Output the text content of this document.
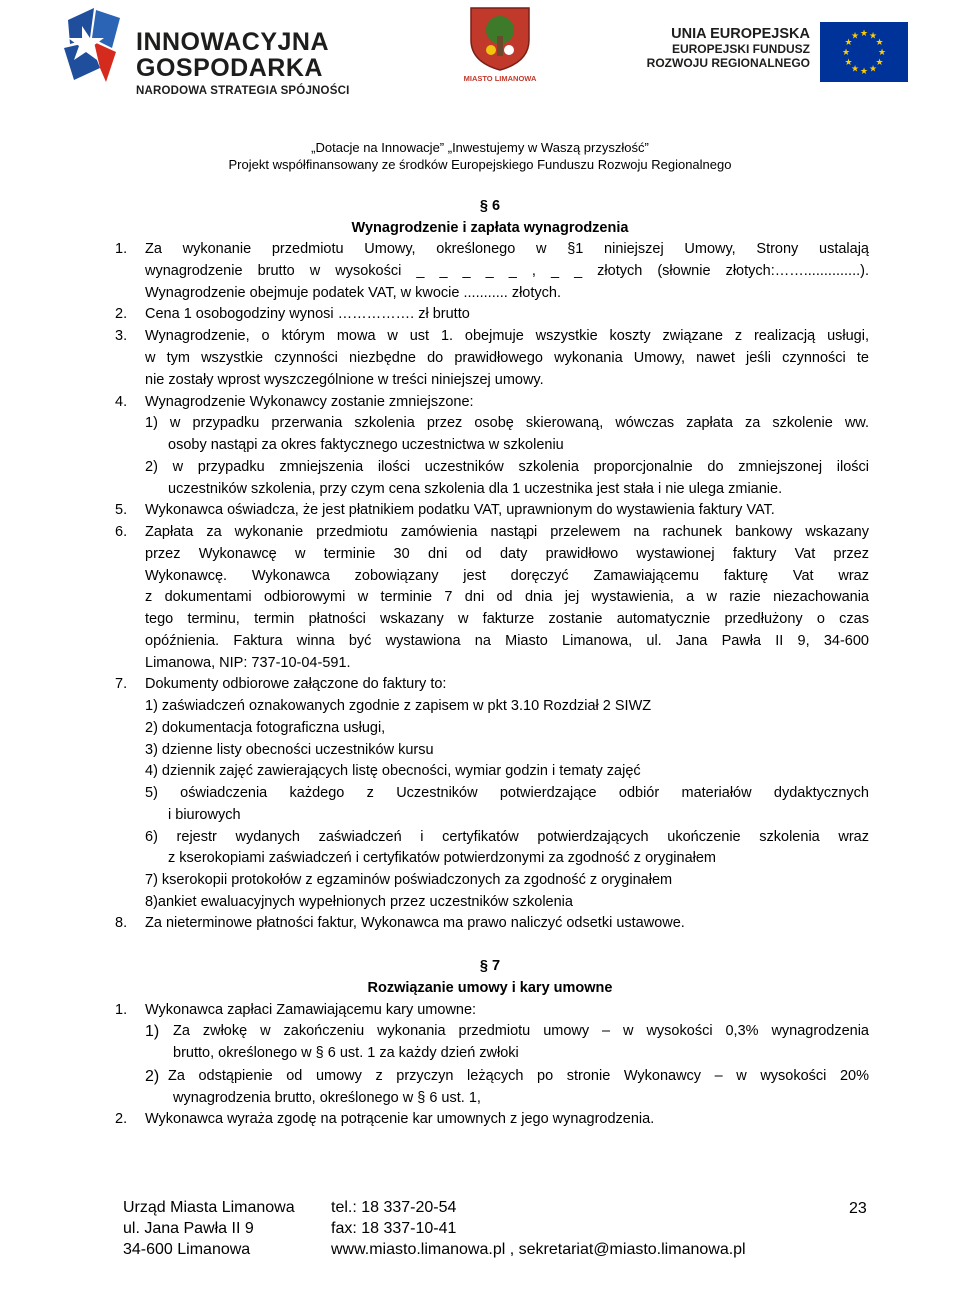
INNOWACYJNA
GOSPODARKA
NARODOWA STRATEGIA SPÓJNOŚCI
MIASTO LIMANOWA
UNIA EUROPEJSKA
EUROPEJSKI FUNDUSZ
ROZWOJU REGIONALNEGO
★ ★
★
★
★
★
★
★
★
★
★
★
„Dotacje na Innowacje” „Inwestujemy w Waszą przyszłość”
Projekt współfinansowany ze środków Europejskiego Funduszu Rozwoju Regionalnego
§ 6
Wynagrodzenie i zapłata wynagrodzenia
1. Za wykonanie przedmiotu Umowy, określonego w §1 niniejszej Umowy, Strony ustalają
wynagrodzenie brutto w wysokości _ _ _ _ _ , _ _ złotych (słownie złotych:……..............).
Wynagrodzenie obejmuje podatek VAT, w kwocie ........... złotych.
2. Cena 1 osobogodziny wynosi ……………. zł brutto
3. Wynagrodzenie, o którym mowa w ust 1. obejmuje wszystkie koszty związane z realizacją usługi,
w tym wszystkie czynności niezbędne do prawidłowego wykonania Umowy, nawet jeśli czynności te
nie zostały wprost wyszczególnione w treści niniejszej umowy.
4. Wynagrodzenie Wykonawcy zostanie zmniejszone:
1) w przypadku przerwania szkolenia przez osobę skierowaną, wówczas zapłata za szkolenie ww.
osoby nastąpi za okres faktycznego uczestnictwa w szkoleniu
2) w przypadku zmniejszenia ilości uczestników szkolenia proporcjonalnie do zmniejszonej ilości
uczestników szkolenia, przy czym cena szkolenia dla 1 uczestnika jest stała i nie ulega zmianie.
5. Wykonawca oświadcza, że jest płatnikiem podatku VAT, uprawnionym do wystawienia faktury VAT.
6. Zapłata za wykonanie przedmiotu zamówienia nastąpi przelewem na rachunek bankowy wskazany
przez Wykonawcę w terminie 30 dni od daty prawidłowo wystawionej faktury Vat przez
Wykonawcę. Wykonawca zobowiązany jest doręczyć Zamawiającemu fakturę Vat wraz
z dokumentami odbiorowymi w terminie 7 dni od dnia jej wystawienia, a w razie niezachowania
tego terminu, termin płatności wskazany w fakturze zostanie automatycznie przedłużony o czas
opóźnienia. Faktura winna być wystawiona na Miasto Limanowa, ul. Jana Pawła II 9, 34-600
Limanowa, NIP: 737-10-04-591.
7. Dokumenty odbiorowe załączone do faktury to:
1) zaświadczeń oznakowanych zgodnie z zapisem w pkt 3.10 Rozdział 2 SIWZ
2) dokumentacja fotograficzna usługi,
3) dzienne listy obecności uczestników kursu
4) dziennik zajęć zawierających listę obecności, wymiar godzin i tematy zajęć
5) oświadczenia każdego z Uczestników potwierdzające odbiór materiałów dydaktycznych
i biurowych
6) rejestr wydanych zaświadczeń i certyfikatów potwierdzających ukończenie szkolenia wraz
z kserokopiami zaświadczeń i certyfikatów potwierdzonymi za zgodność z oryginałem
7) kserokopii protokołów z egzaminów poświadczonych za zgodność z oryginałem
8)ankiet ewaluacyjnych wypełnionych przez uczestników szkolenia
8. Za nieterminowe płatności faktur, Wykonawca ma prawo naliczyć odsetki ustawowe.
§ 7
Rozwiązanie umowy i kary umowne
1. Wykonawca zapłaci Zamawiającemu kary umowne:
1) Za zwłokę w zakończeniu wykonania przedmiotu umowy – w wysokości 0,3% wynagrodzenia
brutto, określonego w § 6 ust. 1 za każdy dzień zwłoki
2) Za odstąpienie od umowy z przyczyn leżących po stronie Wykonawcy – w wysokości 20%
wynagrodzenia brutto, określonego w § 6 ust. 1,
2. Wykonawca wyraża zgodę na potrącenie kar umownych z jego wynagrodzenia.
Urząd Miasta Limanowa
ul. Jana Pawła II 9
34-600 Limanowa
tel.: 18 337-20-54
fax: 18 337-10-41
www.miasto.limanowa.pl , sekretariat@miasto.limanowa.pl
23
